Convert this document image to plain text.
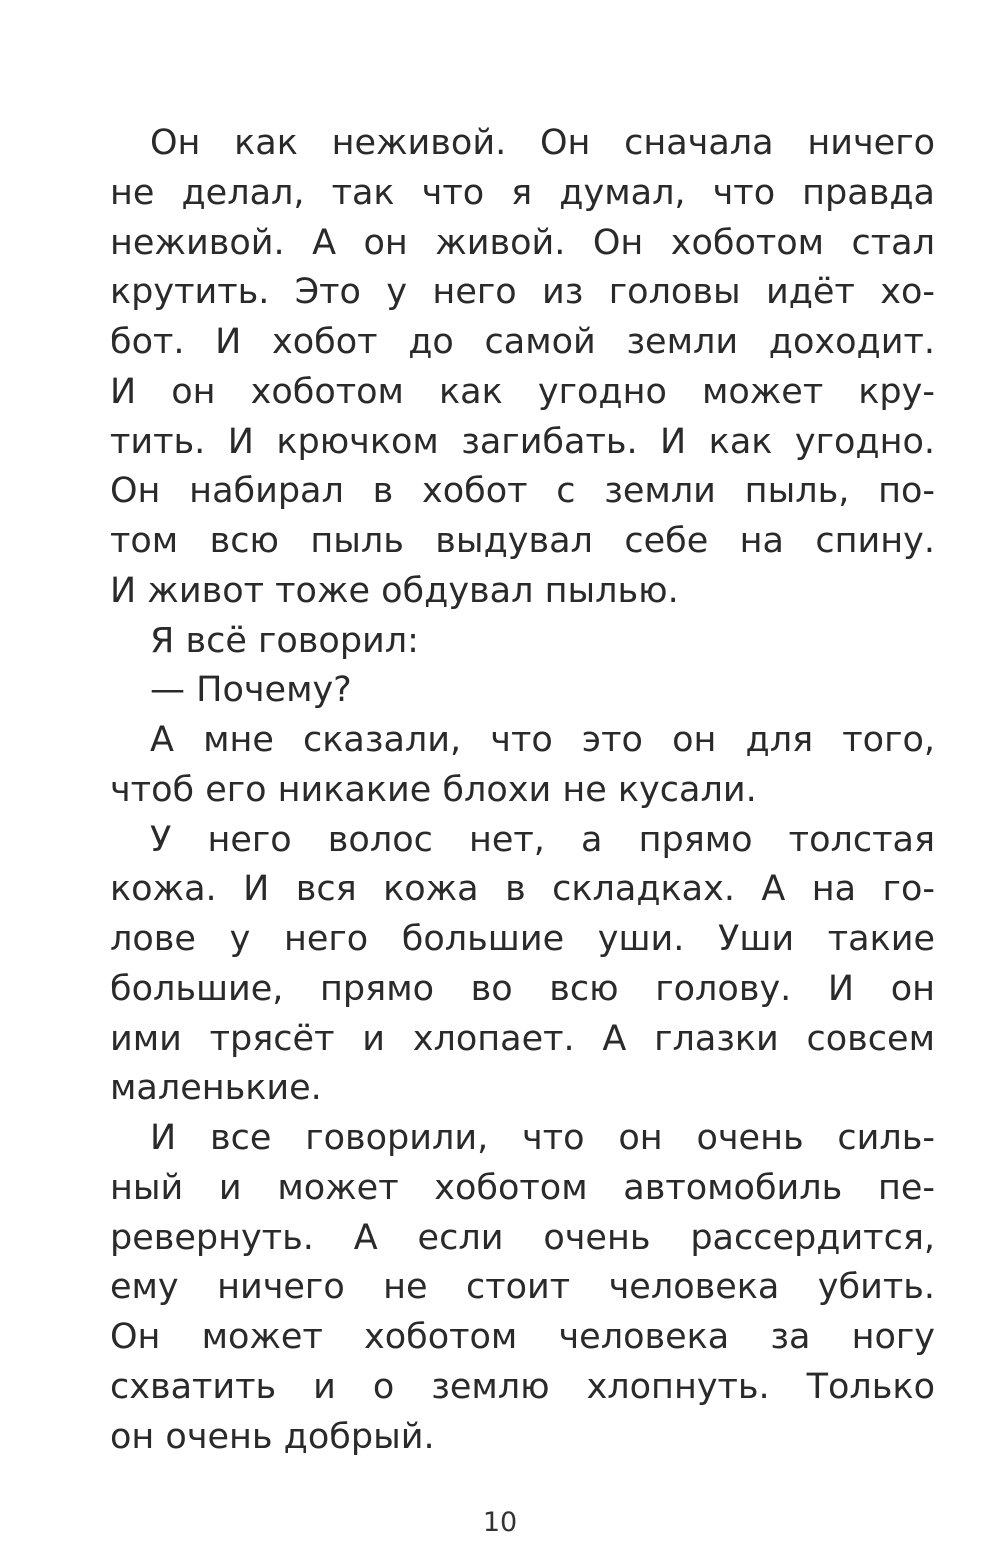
Он как неживой. Он сначала ничего
не делал, так что я думал, что правда
неживой. А он живой. Он хоботом стал
крутить. Это у него из головы идёт хо-
бот. И хобот до самой земли доходит.
И он хоботом как угодно может кру-
тить. И крючком загибать. И как угодно.
Он набирал в хобот с земли пыль, по-
том всю пыль выдувал себе на спину.
И живот тоже обдувал пылью.
Я всё говорил:
— Почему?
А мне сказали, что это он для того,
чтоб его никакие блохи не кусали.
У него волос нет, а прямо толстая
кожа. И вся кожа в складках. А на го-
лове у него большие уши. Уши такие
большие, прямо во всю голову. И он
ими трясёт и хлопает. А глазки совсем
маленькие.
И все говорили, что он очень силь-
ный и может хоботом автомобиль пе-
ревернуть. А если очень рассердится,
ему ничего не стоит человека убить.
Он может хоботом человека за ногу
схватить и о землю хлопнуть. Только
он очень добрый.
10
